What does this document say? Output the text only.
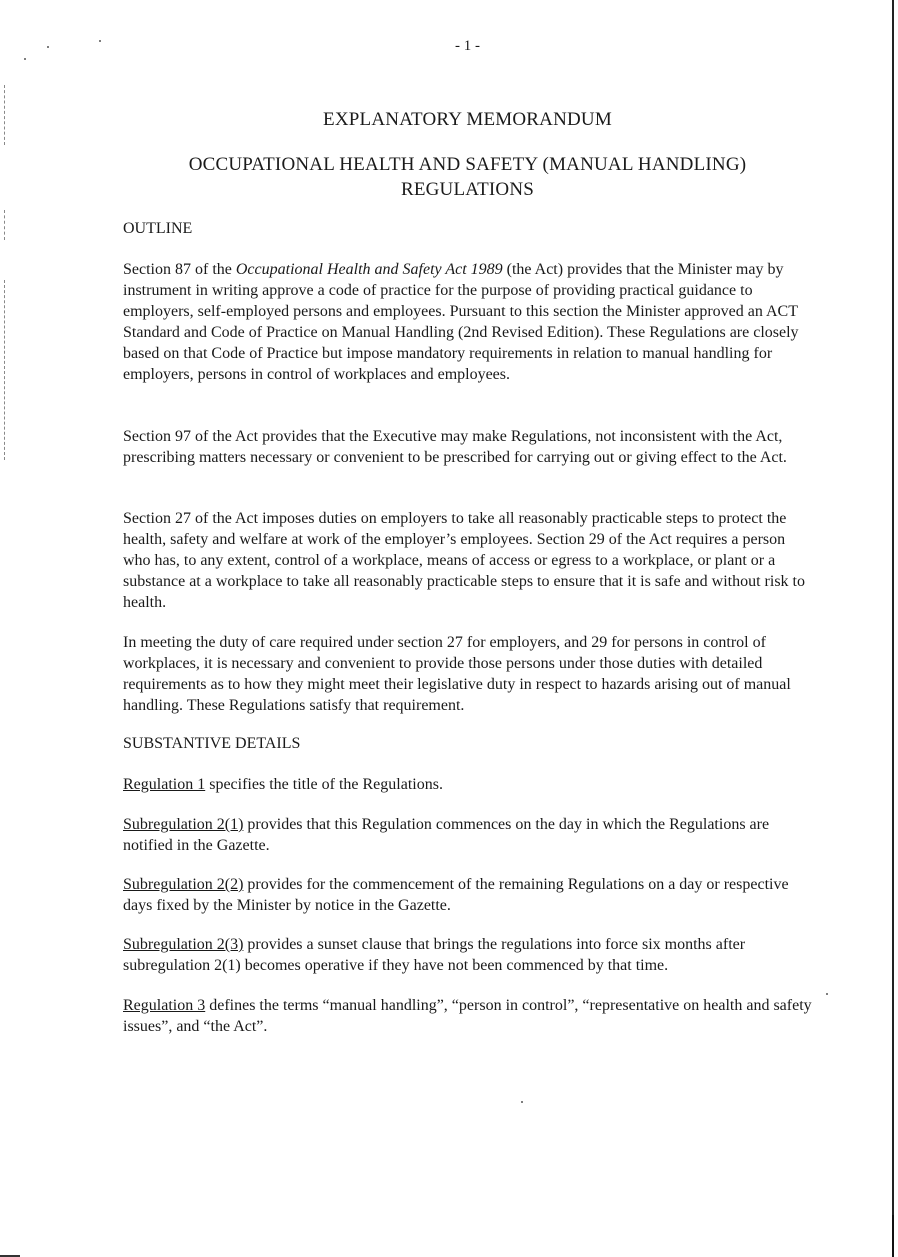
- 1 -
EXPLANATORY MEMORANDUM
OCCUPATIONAL HEALTH AND SAFETY (MANUAL HANDLING)
REGULATIONS
OUTLINE
Section 87 of the Occupational Health and Safety Act 1989 (the Act) provides that the Minister may by instrument in writing approve a code of practice for the purpose of providing practical guidance to employers, self-employed persons and employees. Pursuant to this section the Minister approved an ACT Standard and Code of Practice on Manual Handling (2nd Revised Edition). These Regulations are closely based on that Code of Practice but impose mandatory requirements in relation to manual handling for employers, persons in control of workplaces and employees.
Section 97 of the Act provides that the Executive may make Regulations, not inconsistent with the Act, prescribing matters necessary or convenient to be prescribed for carrying out or giving effect to the Act.
Section 27 of the Act imposes duties on employers to take all reasonably practicable steps to protect the health, safety and welfare at work of the employer’s employees. Section 29 of the Act requires a person who has, to any extent, control of a workplace, means of access or egress to a workplace, or plant or a substance at a workplace to take all reasonably practicable steps to ensure that it is safe and without risk to health.
In meeting the duty of care required under section 27 for employers, and 29 for persons in control of workplaces, it is necessary and convenient to provide those persons under those duties with detailed requirements as to how they might meet their legislative duty in respect to hazards arising out of manual handling. These Regulations satisfy that requirement.
SUBSTANTIVE DETAILS
Regulation 1 specifies the title of the Regulations.
Subregulation 2(1) provides that this Regulation commences on the day in which the Regulations are notified in the Gazette.
Subregulation 2(2) provides for the commencement of the remaining Regulations on a day or respective days fixed by the Minister by notice in the Gazette.
Subregulation 2(3) provides a sunset clause that brings the regulations into force six months after subregulation 2(1) becomes operative if they have not been commenced by that time.
Regulation 3 defines the terms “manual handling”, “person in control”, “representative on health and safety issues”, and “the Act”.
